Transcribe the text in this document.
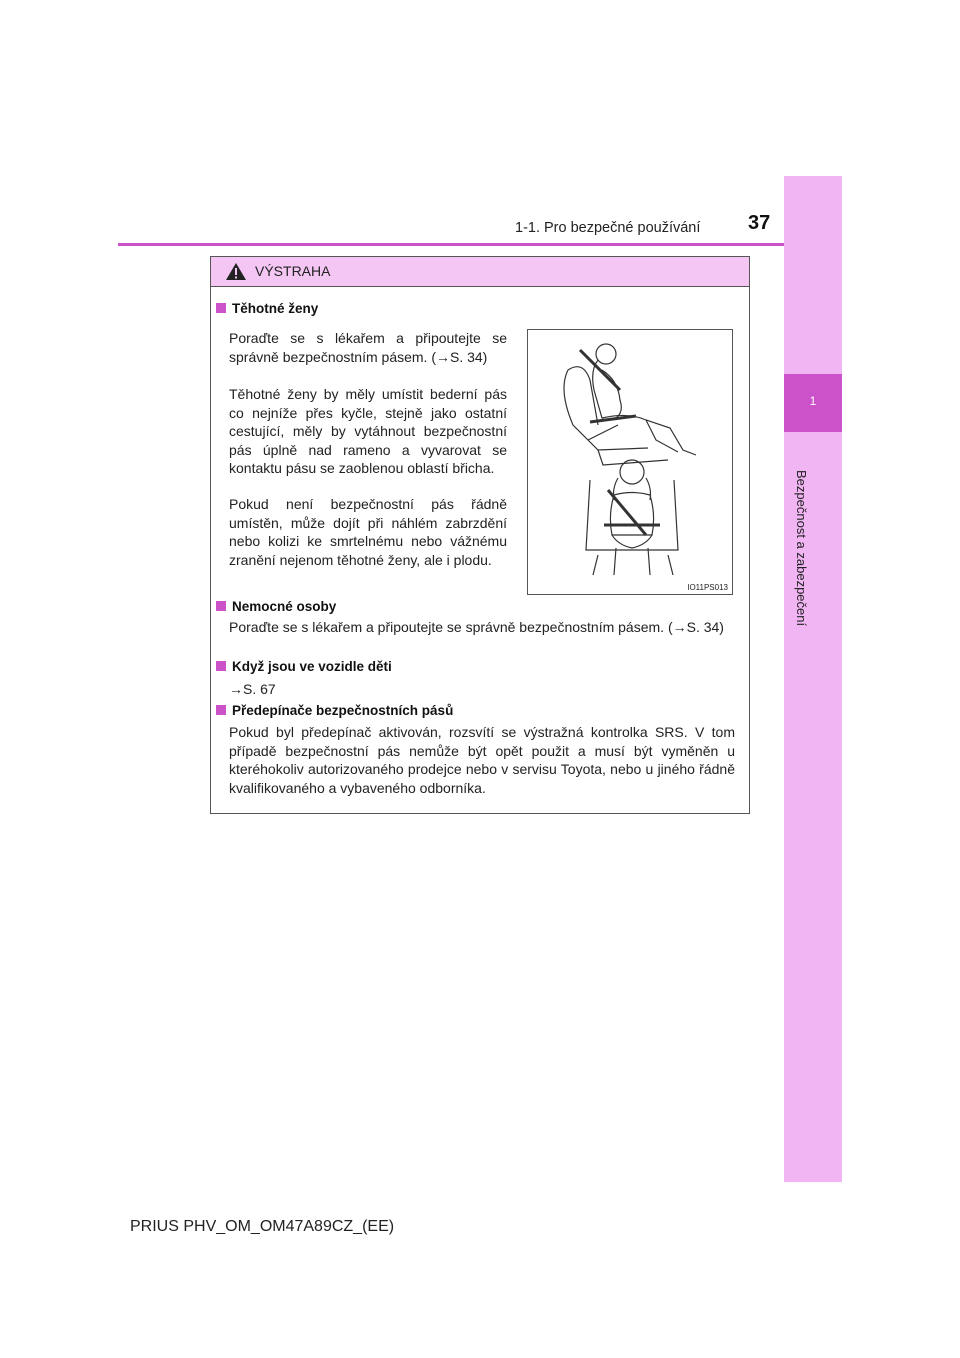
1
Bezpečnost a zabezpečení
1-1. Pro bezpečné používání 37
VÝSTRAHA
Těhotné ženy
Poraďte se s lékařem a připoutejte se správně bezpečnostním pásem. (→S. 34)
Těhotné ženy by měly umístit bederní pás co nejníže přes kyčle, stejně jako ostatní cestující, měly by vytáhnout bezpečnostní pás úplně nad rameno a vyvarovat se kontaktu pásu se zaoblenou oblastí břicha.
Pokud není bezpečnostní pás řádně umístěn, může dojít při náhlém zabrzdění nebo kolizi ke smrtelnému nebo vážnému zranění nejenom těhotné ženy, ale i plodu.
IO11PS013
Nemocné osoby
Poraďte se s lékařem a připoutejte se správně bezpečnostním pásem. (→S. 34)
Když jsou ve vozidle děti
→S. 67
Předepínače bezpečnostních pásů
Pokud byl předepínač aktivován, rozsvítí se výstražná kontrolka SRS. V tom případě bezpečnostní pás nemůže být opět použit a musí být vyměněn u kteréhokoliv autorizovaného prodejce nebo v servisu Toyota, nebo u jiného řádně kvalifikovaného a vybaveného odborníka.
PRIUS PHV_OM_OM47A89CZ_(EE)
